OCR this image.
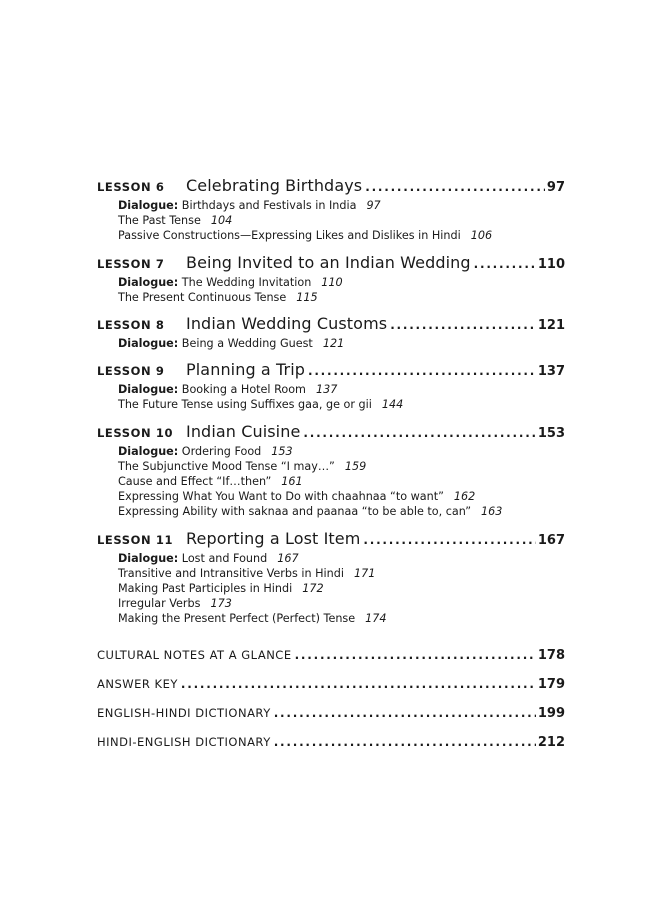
LESSON 6	Celebrating Birthdays . . .	97
Dialogue: Birthdays and Festivals in India 97
The Past Tense 104
Passive Constructions—Expressing Likes and Dislikes in Hindi 106
LESSON 7	Being Invited to an Indian Wedding . . .	110
Dialogue: The Wedding Invitation 110
The Present Continuous Tense 115
LESSON 8	Indian Wedding Customs . . .	121
Dialogue: Being a Wedding Guest 121
LESSON 9	Planning a Trip . . .	137
Dialogue: Booking a Hotel Room 137
The Future Tense using Suffixes gaa, ge or gii 144
LESSON 10 Indian Cuisine . . .	153
Dialogue: Ordering Food 153
The Subjunctive Mood Tense “I may…” 159
Cause and Effect “If…then” 161
Expressing What You Want to Do with chaahnaa “to want” 162
Expressing Ability with saknaa and paanaa “to be able to, can” 163
LESSON 11 Reporting a Lost Item . . .	167
Dialogue: Lost and Found 167
Transitive and Intransitive Verbs in Hindi 171
Making Past Participles in Hindi 172
Irregular Verbs 173
Making the Present Perfect (Perfect) Tense 174
CULTURAL NOTES AT A GLANCE . . .	178
ANSWER KEY . . .	179
ENGLISH-HINDI DICTIONARY . . .	199
HINDI-ENGLISH DICTIONARY . . .	212
